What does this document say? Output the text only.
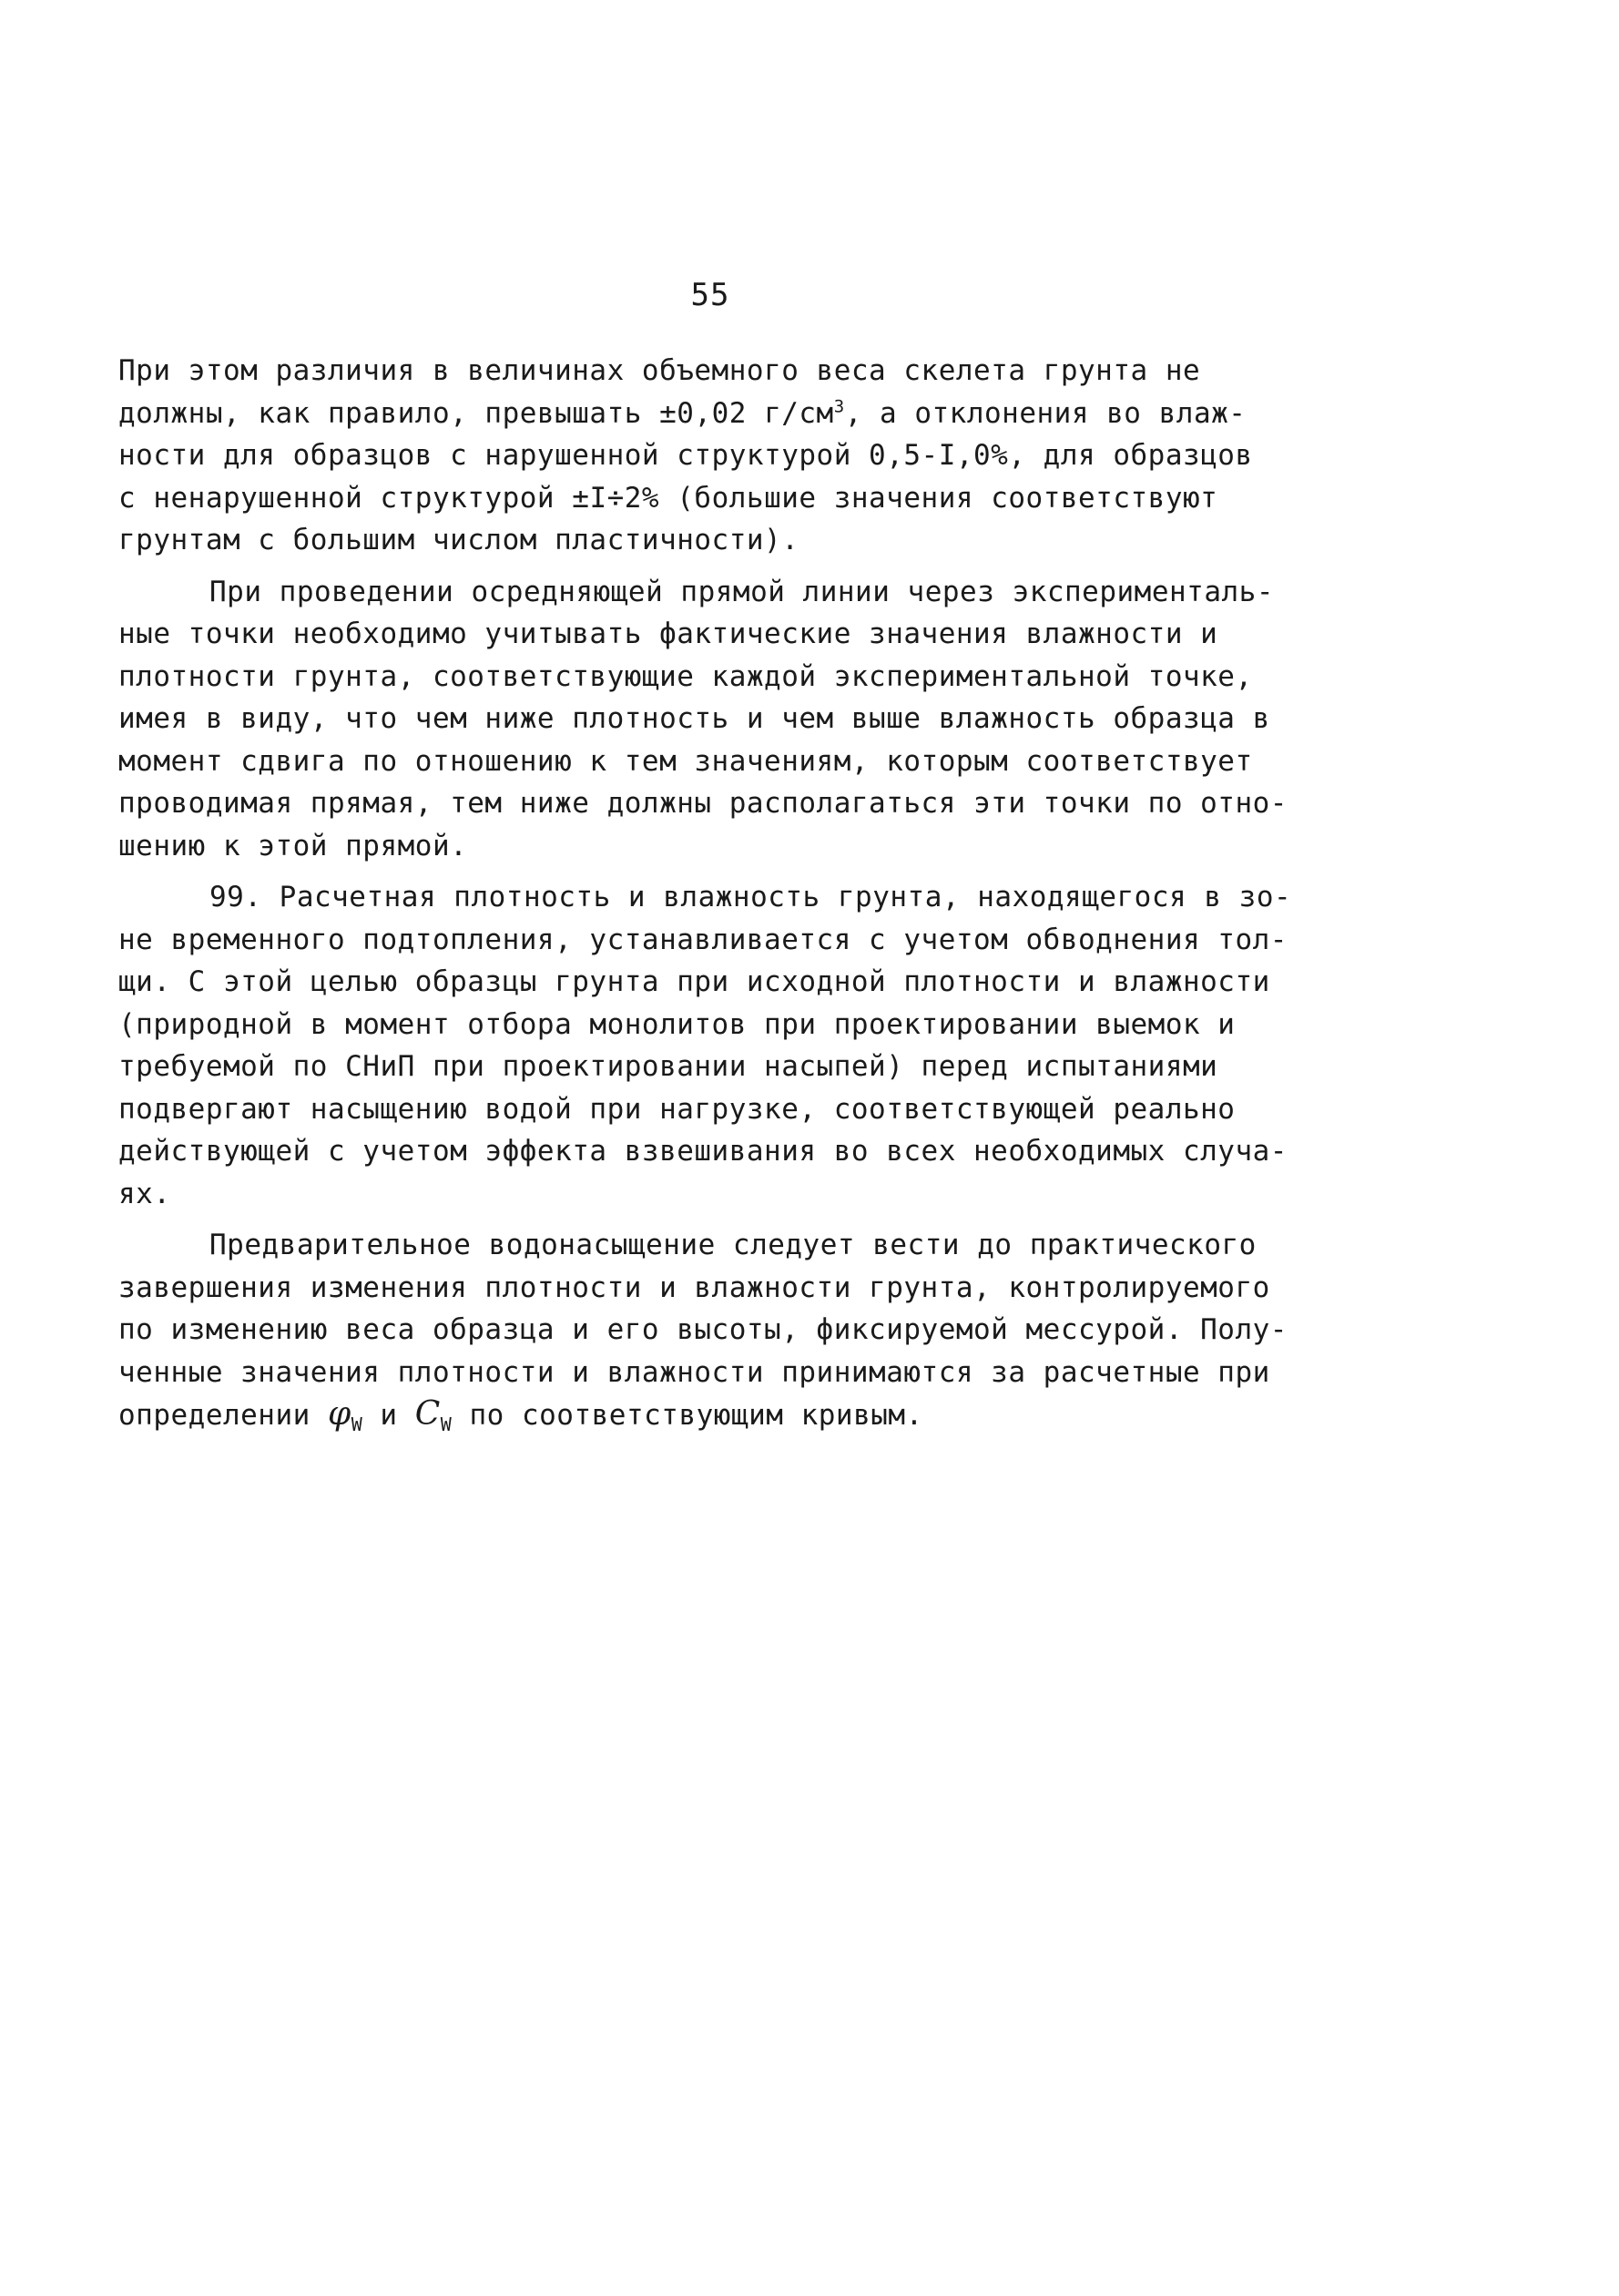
55
При этом различия в величинах объемного веса скелета грунта не
должны, как правило, превышать ±0,02 $г/см^3$, а отклонения во влаж-
ности для образцов с нарушенной структурой 0,5-I,0%, для образцов
с ненарушенной структурой ±I÷2% (большие значения соответствуют
грунтам с большим числом пластичности).
При проведении осредняющей прямой линии через эксперименталь-
ные точки необходимо учитывать фактические значения влажности и
плотности грунта, соответствующие каждой экспериментальной точке,
имея в виду, что чем ниже плотность и чем выше влажность образца в
момент сдвига по отношению к тем значениям, которым соответствует
проводимая прямая, тем ниже должны располагаться эти точки по отно-
шению к этой прямой.
99. Расчетная плотность и влажность грунта, находящегося в зо-
не временного подтопления, устанавливается с учетом обводнения тол-
щи. С этой целью образцы грунта при исходной плотности и влажности
(природной в момент отбора монолитов при проектировании выемок и
требуемой по СНиП при проектировании насыпей) перед испытаниями
подвергают насыщению водой при нагрузке, соответствующей реально
действующей с учетом эффекта взвешивания во всех необходимых случа-
ях.
Предварительное водонасыщение следует вести до практического
завершения изменения плотности и влажности грунта, контролируемого
по изменению веса образца и его высоты, фиксируемой мессурой. Полу-
ченные значения плотности и влажности принимаются за расчетные при
определении $\varphi_W$ и $C_W$ по соответствующим кривым.
